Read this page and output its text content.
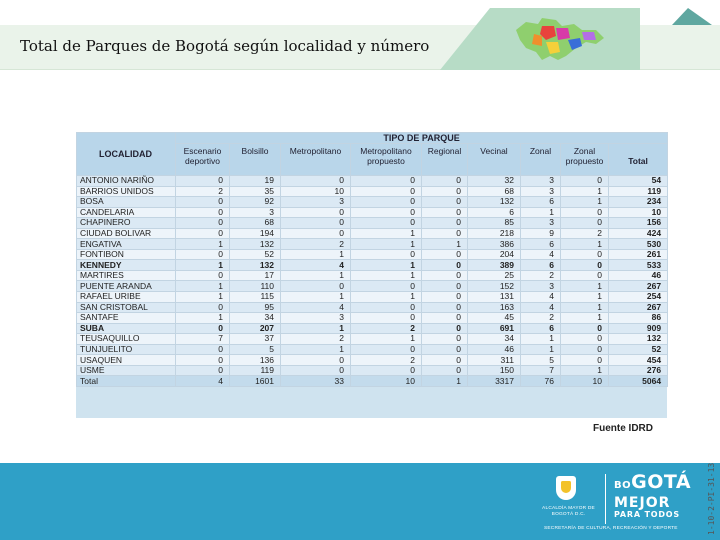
Total de Parques de Bogotá según localidad y número
LOCALIDAD	TIPO DE PARQUE								
	Escenario deportivo	Bolsillo	Metropolitano	Metropolitano propuesto	Regional	Vecinal	Zonal	Zonal propuesto	Total
ANTONIO NARIÑO	0	19	0	0	0	32	3	0	54
BARRIOS UNIDOS	2	35	10	0	0	68	3	1	119
BOSA	0	92	3	0	0	132	6	1	234
CANDELARIA	0	3	0	0	0	6	1	0	10
CHAPINERO	0	68	0	0	0	85	3	0	156
CIUDAD BOLIVAR	0	194	0	1	0	218	9	2	424
ENGATIVA	1	132	2	1	1	386	6	1	530
FONTIBON	0	52	1	0	0	204	4	0	261
KENNEDY	1	132	4	1	0	389	6	0	533
MARTIRES	0	17	1	1	0	25	2	0	46
PUENTE ARANDA	1	110	0	0	0	152	3	1	267
RAFAEL URIBE	1	115	1	1	0	131	4	1	254
SAN CRISTOBAL	0	95	4	0	0	163	4	1	267
SANTAFE	1	34	3	0	0	45	2	1	86
SUBA	0	207	1	2	0	691	6	0	909
TEUSAQUILLO	7	37	2	1	0	34	1	0	132
TUNJUELITO	0	5	1	0	0	46	1	0	52
USAQUEN	0	136	0	2	0	311	5	0	454
USME	0	119	0	0	0	150	7	1	276
Total	4	1601	33	10	1	3317	76	10	5064
Fuente IDRD
ALCALDÍA MAYOR DE BOGOTÁ D.C.
BOGOTÁ
MEJOR
PARA TODOS
SECRETARÍA DE CULTURA, RECREACIÓN Y DEPORTE	1-10-2-PI-31-13
